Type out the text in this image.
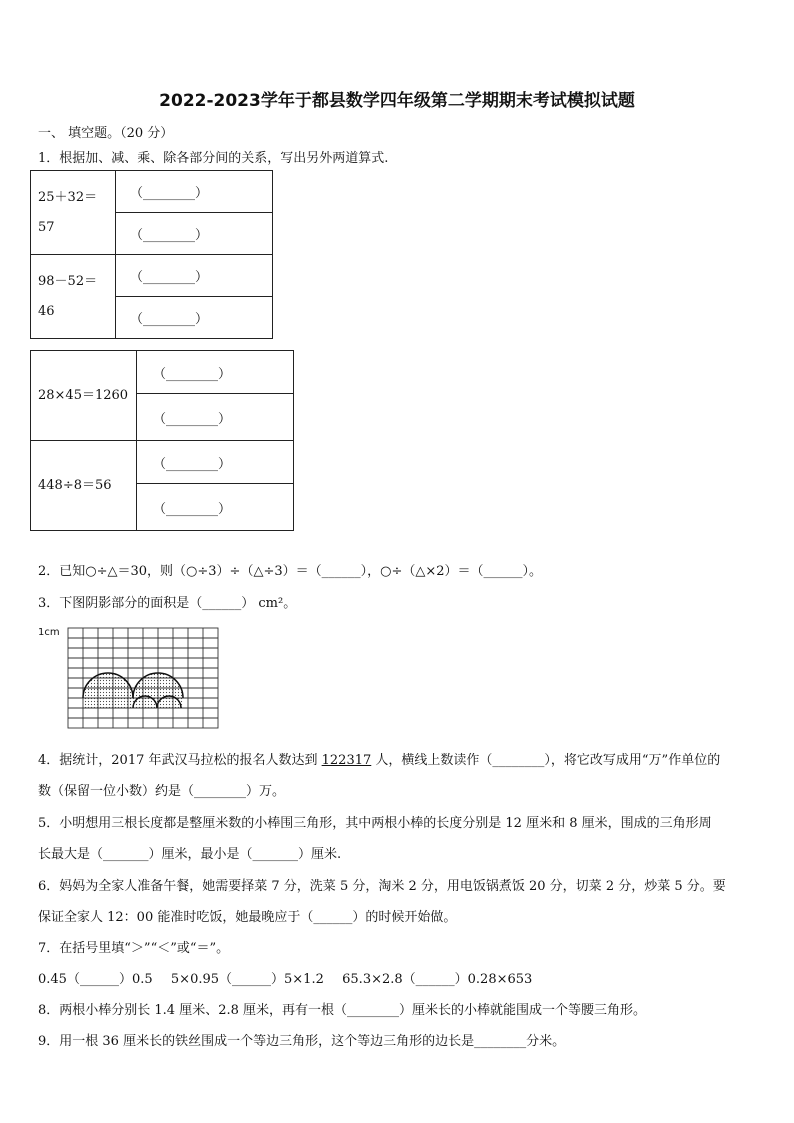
2022-2023学年于都县数学四年级第二学期期末考试模拟试题
一、 填空题。（20 分）
1．根据加、减、乘、除各部分间的关系，写出另外两道算式.
25＋32＝
57	（________）
	（________）

98－52＝
46	（________）
	（________）
28×45＝1260	（________）
	（________）
448÷8＝56	（________）
	（________）
2．已知○÷△＝30，则（○÷3）÷（△÷3）＝（______），○÷（△×2）＝（______）。
3．下图阴影部分的面积是（______） cm²。
1cm
4．据统计，2017 年武汉马拉松的报名人数达到 122317 人，横线上数读作（________），将它改写成用“万”作单位的
数（保留一位小数）约是（________）万。
5．小明想用三根长度都是整厘米数的小棒围三角形，其中两根小棒的长度分别是 12 厘米和 8 厘米，围成的三角形周
长最大是（_______）厘米，最小是（_______）厘米.
6．妈妈为全家人准备午餐，她需要择菜 7 分，洗菜 5 分，淘米 2 分，用电饭锅煮饭 20 分，切菜 2 分，炒菜 5 分。要
保证全家人 12：00 能准时吃饭，她最晚应于（______）的时候开始做。
7．在括号里填“＞”“＜”或“＝”。
0.45（______）0.5 5×0.95（______）5×1.2 65.3×2.8（______）0.28×653
8．两根小棒分别长 1.4 厘米、2.8 厘米，再有一根（________）厘米长的小棒就能围成一个等腰三角形。
9．用一根 36 厘米长的铁丝围成一个等边三角形，这个等边三角形的边长是________分米。
